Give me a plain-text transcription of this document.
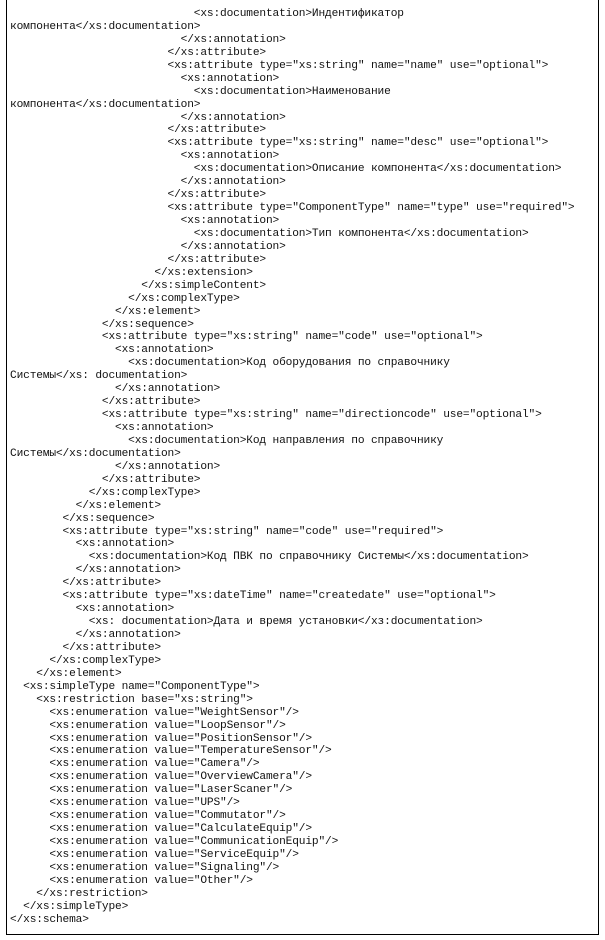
<xs:documentation>Индентификатор
компонента</xs:documentation>
</xs:annotation>
</xs:attribute>
<xs:attribute type="xs:string" name="name" use="optional">
<xs:annotation>
<xs:documentation>Наименование
компонента</xs:documentation>
</xs:annotation>
</xs:attribute>
<xs:attribute type="xs:string" name="desc" use="optional">
<xs:annotation>
<xs:documentation>Описание компонента</xs:documentation>
</xs:annotation>
</xs:attribute>
<xs:attribute type="ComponentType" name="type" use="required">
<xs:annotation>
<xs:documentation>Тип компонента</xs:documentation>
</xs:annotation>
</xs:attribute>
</xs:extension>
</xs:simpleContent>
</xs:complexType>
</xs:element>
</xs:sequence>
<xs:attribute type="xs:string" name="code" use="optional">
<xs:annotation>
<xs:documentation>Код оборудования по справочнику
Системы</xs: documentation>
</xs:annotation>
</xs:attribute>
<xs:attribute type="xs:string" name="directioncode" use="optional">
<xs:annotation>
<xs:documentation>Код направления по справочнику
Системы</xs:documentation>
</xs:annotation>
</xs:attribute>
</xs:complexType>
</xs:element>
</xs:sequence>
<xs:attribute type="xs:string" name="code" use="required">
<xs:annotation>
<xs:documentation>Код ПВК по справочнику Системы</xs:documentation>
</xs:annotation>
</xs:attribute>
<xs:attribute type="xs:dateTime" name="createdate" use="optional">
<xs:annotation>
<xs: documentation>Дата и время установки</xз:documentation>
</xs:annotation>
</xs:attribute>
</xs:complexType>
</xs:element>
<xs:simpleType name="ComponentType">
<xs:restriction base="xs:string">
<xs:enumeration value="WeightSensor"/>
<xs:enumeration value="LoopSensor"/>
<xs:enumeration value="PositionSensor"/>
<xs:enumeration value="TemperatureSensor"/>
<xs:enumeration value="Camera"/>
<xs:enumeration value="OverviewCamera"/>
<xs:enumeration value="LaserScaner"/>
<xs:enumeration value="UPS"/>
<xs:enumeration value="Commutator"/>
<xs:enumeration value="CalculateEquip"/>
<xs:enumeration value="CommunicationEquip"/>
<xs:enumeration value="ServiceEquip"/>
<xs:enumeration value="Signaling"/>
<xs:enumeration value="Other"/>
</xs:restriction>
</xs:simpleType>
</xs:schema>
